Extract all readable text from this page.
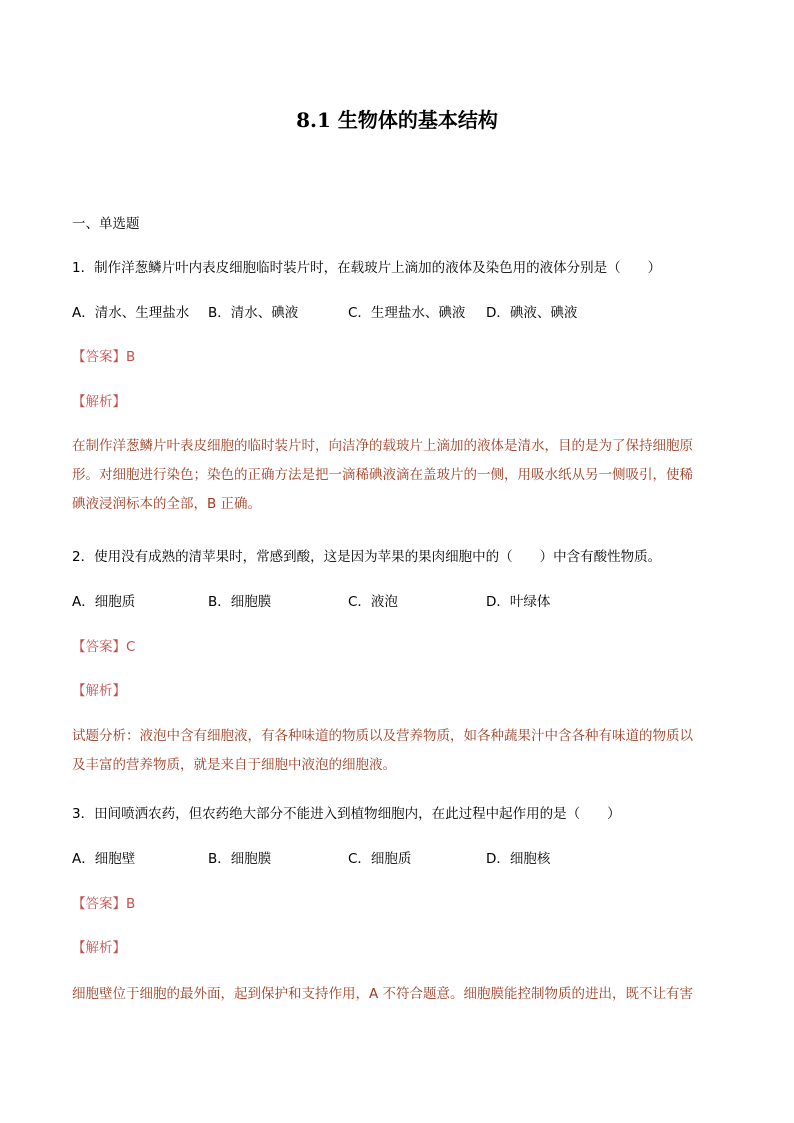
8.1 生物体的基本结构
一、单选题
1．制作洋葱鳞片叶内表皮细胞临时装片时，在载玻片上滴加的液体及染色用的液体分别是（　　）
A．清水、生理盐水 B．清水、碘液	C．生理盐水、碘液 D．碘液、碘液
【答案】B
【解析】
在制作洋葱鳞片叶表皮细胞的临时装片时，向洁净的载玻片上滴加的液体是清水，目的是为了保持细胞原
形。对细胞进行染色；染色的正确方法是把一滴稀碘液滴在盖玻片的一侧，用吸水纸从另一侧吸引，使稀
碘液浸润标本的全部，B 正确。
2．使用没有成熟的清苹果时，常感到酸，这是因为苹果的果肉细胞中的（　　）中含有酸性物质。
A．细胞质	B．细胞膜	C．液泡	D．叶绿体
【答案】C
【解析】
试题分析：液泡中含有细胞液，有各种味道的物质以及营养物质，如各种蔬果汁中含各种有味道的物质以
及丰富的营养物质，就是来自于细胞中液泡的细胞液。
3．田间喷洒农药，但农药绝大部分不能进入到植物细胞内，在此过程中起作用的是（　　）
A．细胞壁	B．细胞膜	C．细胞质	D．细胞核
【答案】B
【解析】
细胞壁位于细胞的最外面，起到保护和支持作用，A 不符合题意。细胞膜能控制物质的进出，既不让有害
